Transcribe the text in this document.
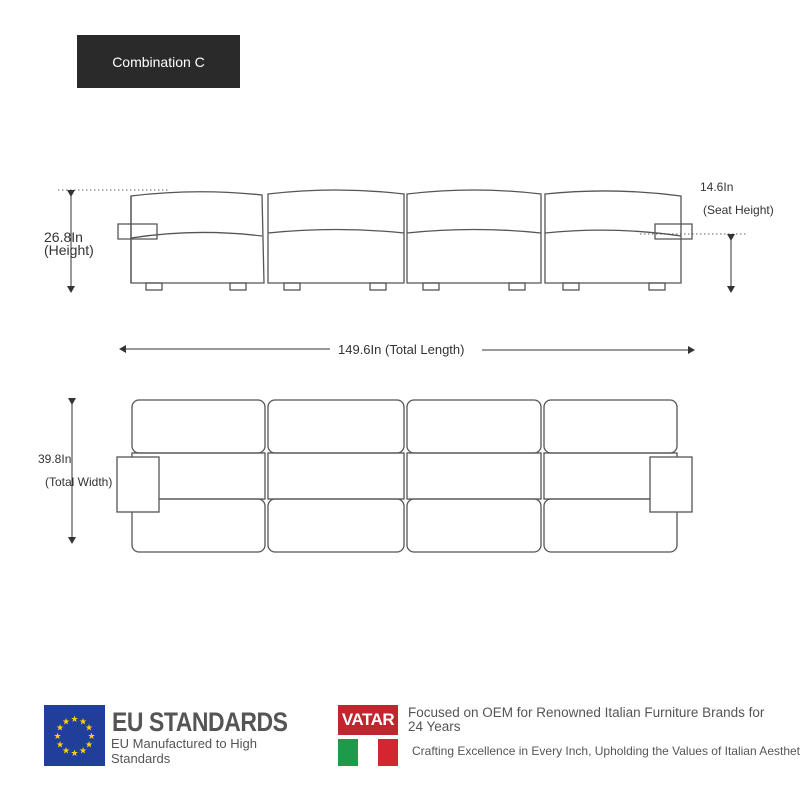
Combination C
26.8In
(Height)
14.6In
(Seat Height)
149.6In (Total Length)
39.8In
(Total Width)
★ ★
★
★
★
★
★
★
★
★
★
★ EU STANDARDS
EU Manufactured to High Standards
VATAR Focused on OEM for Renowned Italian Furniture Brands for 24 Years
Crafting Excellence in Every Inch, Upholding the Values of Italian Aesthet
